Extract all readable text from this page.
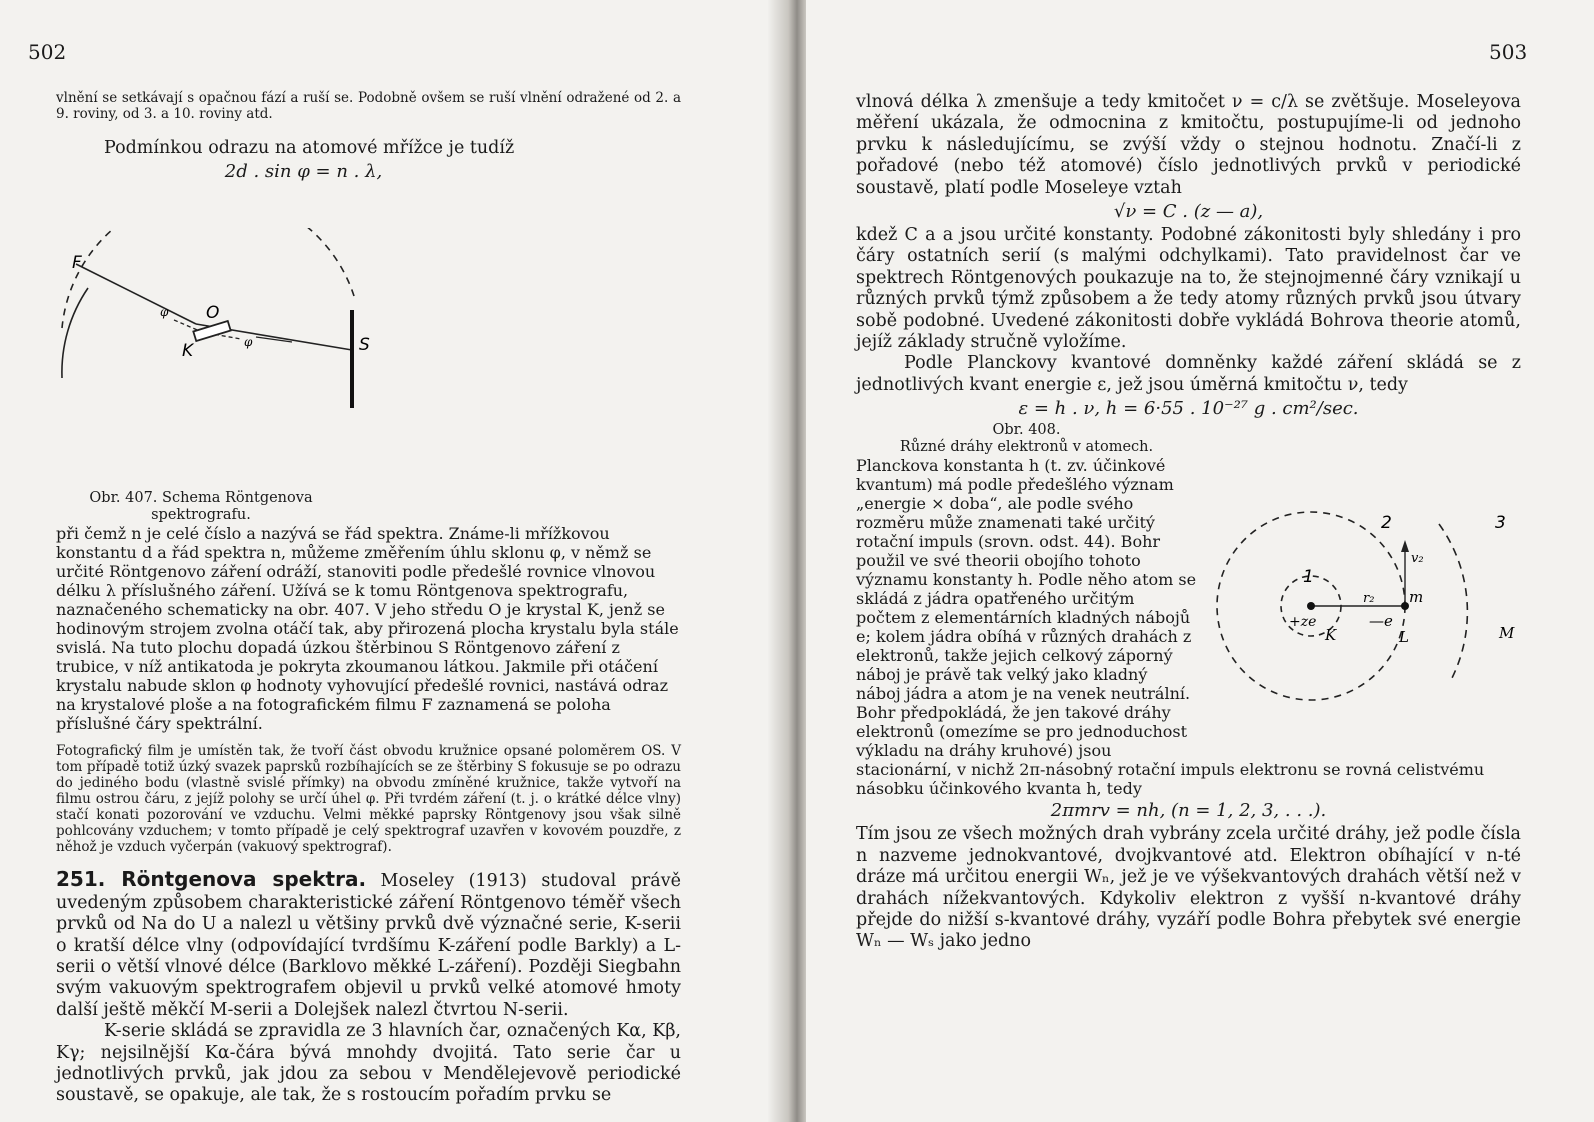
502

vlnění se setkávají s opačnou fází a ruší se. Podobně ovšem se ruší vlnění odražené od 2. a 9. roviny, od 3. a 10. roviny atd.

Podmínkou odrazu na atomové mřížce je tudíž

2d . sin φ = n . λ,

F
O
K	S
φ
φ

Obr. 407. Schema Röntgenova spektrografu.
při čemž n je celé číslo a nazývá se řád spektra. Známe-li mřížkovou konstantu d a řád spektra n, můžeme změřením úhlu sklonu φ, v němž se určité Röntgenovo záření odráží, stanoviti podle předešlé rovnice vlnovou délku λ příslušného záření. Užívá se k tomu Röntgenova spektrografu, naznačeného schematicky na obr. 407. V jeho středu O je krystal K, jenž se hodinovým strojem zvolna otáčí tak, aby přirozená plocha krystalu byla stále svislá. Na tuto plochu dopadá úzkou štěrbinou S Röntgenovo záření z trubice, v níž antikatoda je pokryta zkoumanou látkou. Jakmile při otáčení krystalu nabude sklon φ hodnoty vyhovující předešlé rovnici, nastává odraz na krystalové ploše a na fotografickém filmu F zaznamená se poloha příslušné čáry spektrální.

Fotografický film je umístěn tak, že tvoří část obvodu kružnice opsané poloměrem OS. V tom případě totiž úzký svazek paprsků rozbíhajících se ze štěrbiny S fokusuje se po odrazu do jediného bodu (vlastně svislé přímky) na obvodu zmíněné kružnice, takže vytvoří na filmu ostrou čáru, z jejíž polohy se určí úhel φ. Při tvrdém záření (t. j. o krátké délce vlny) stačí konati pozorování ve vzduchu. Velmi měkké paprsky Röntgenovy jsou však silně pohlcovány vzduchem; v tomto případě je celý spektrograf uzavřen v kovovém pouzdře, z něhož je vzduch vyčerpán (vakuový spektrograf).

251. Röntgenova spektra. Moseley (1913) studoval právě uvedeným způsobem charakteristické záření Röntgenovo téměř všech prvků od Na do U a nalezl u většiny prvků dvě význačné serie, K-serii o kratší délce vlny (odpovídající tvrdšímu K-záření podle Barkly) a L-serii o větší vlnové délce (Barklovo měkké L-záření). Později Siegbahn svým vakuovým spektrografem objevil u prvků velké atomové hmoty další ještě měkčí M-serii a Dolejšek nalezl čtvrtou N-serii.

K-serie skládá se zpravidla ze 3 hlavních čar, označených Kα, Kβ, Kγ; nejsilnější Kα-čára bývá mnohdy dvojitá. Tato serie čar u jednotlivých prvků, jak jdou za sebou v Mendělejevově periodické soustavě, se opakuje, ale tak, že s rostoucím pořadím prvku se

503

vlnová délka λ zmenšuje a tedy kmitočet ν = c/λ se zvětšuje. Moseleyova měření ukázala, že odmocnina z kmitočtu, postupujíme-li od jednoho prvku k následujícímu, se zvýší vždy o stejnou hodnotu. Značí-li z pořadové (nebo též atomové) číslo jednotlivých prvků v periodické soustavě, platí podle Moseleye vztah

√ν = C . (z — a),

kdež C a a jsou určité konstanty. Podobné zákonitosti byly shledány i pro čáry ostatních serií (s malými odchylkami). Tato pravidelnost čar ve spektrech Röntgenových poukazuje na to, že stejnojmenné čáry vznikají u různých prvků týmž způsobem a že tedy atomy různých prvků jsou útvary sobě podobné. Uvedené zákonitosti dobře vykládá Bohrova theorie atomů, jejíž základy stručně vyložíme.

Podle Planckovy kvantové domněnky každé záření skládá se z jednotlivých kvant energie ε, jež jsou úměrná kmitočtu ν, tedy

ε = h . ν, h = 6·55 . 10⁻²⁷ g . cm²/sec.

1
2	3
v₂
r₂ m
—e
+ze
K	L	M

Obr. 408.
Různé dráhy elektronů v atomech.
Planckova konstanta h (t. zv. účinkové kvantum) má podle předešlého význam „energie × doba“, ale podle svého rozměru může znamenati také určitý rotační impuls (srovn. odst. 44). Bohr použil ve své theorii obojího tohoto významu konstanty h. Podle něho atom se skládá z jádra opatřeného určitým počtem z elementárních kladných nábojů e; kolem jádra obíhá v různých drahách z elektronů, takže jejich celkový záporný náboj je právě tak velký jako kladný náboj jádra a atom je na venek neutrální. Bohr předpokládá, že jen takové dráhy elektronů (omezíme se pro jednoduchost výkladu na dráhy kruhové) jsou stacionární, v nichž 2π-násobný rotační impuls elektronu se rovná celistvému násobku účinkového kvanta h, tedy

2πmrv = nh, (n = 1, 2, 3, . . .).

Tím jsou ze všech možných drah vybrány zcela určité dráhy, jež podle čísla n nazveme jednokvantové, dvojkvantové atd. Elektron obíhající v n-té dráze má určitou energii Wₙ, jež je ve výšekvantových drahách větší než v drahách nížekvantových. Kdykoliv elektron z vyšší n-kvantové dráhy přejde do nižší s-kvantové dráhy, vyzáří podle Bohra přebytek své energie Wₙ — Wₛ jako jedno
